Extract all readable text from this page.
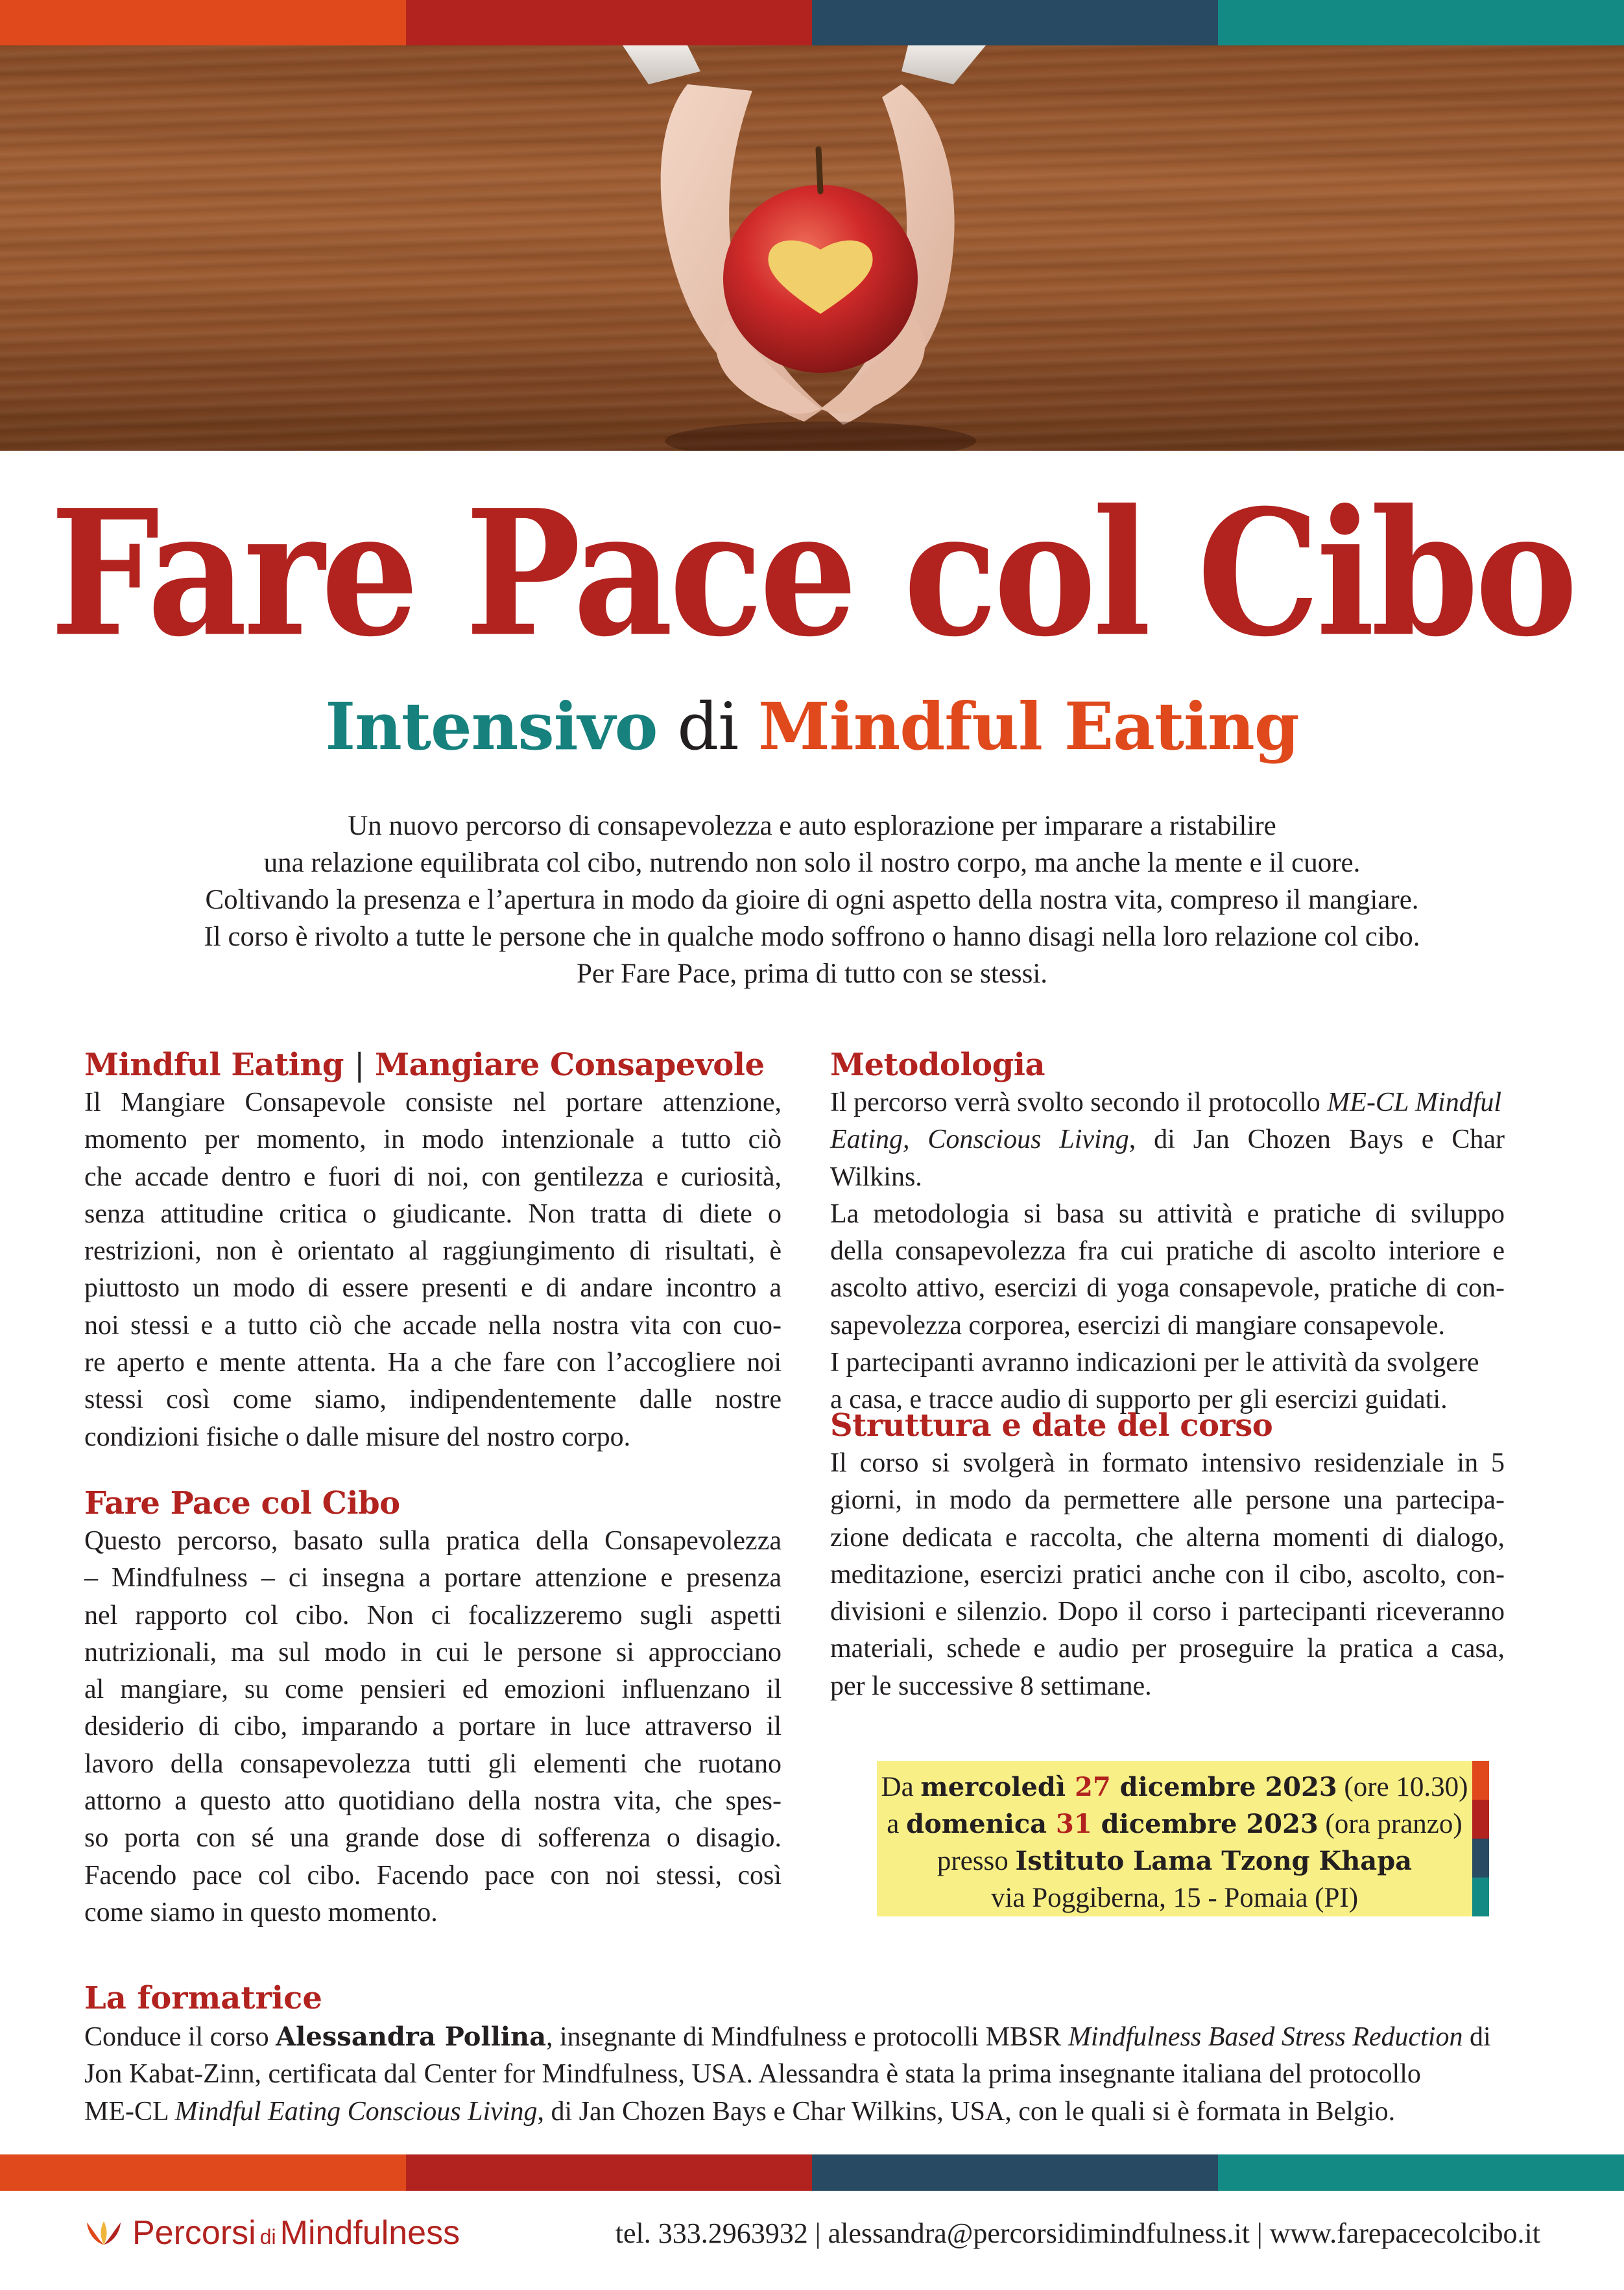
Fare Pace col Cibo
Intensivo di Mindful Eating

Un nuovo percorso di consapevolezza e auto esplorazione per imparare a ristabilire

una relazione equilibrata col cibo, nutrendo non solo il nostro corpo, ma anche la mente e il cuore.

Coltivando la presenza e l’apertura in modo da gioire di ogni aspetto della nostra vita, compreso il mangiare.

Il corso è rivolto a tutte le persone che in qualche modo soffrono o hanno disagi nella loro relazione col cibo.

Per Fare Pace, prima di tutto con se stessi.

Mindful Eating | Mangiare Consapevole

Il Mangiare Consapevole consiste nel portare attenzione,
momento per momento, in modo intenzionale a tutto ciò
che accade dentro e fuori di noi, con gentilezza e curiosità,
senza attitudine critica o giudicante. Non tratta di diete o
restrizioni, non è orientato al raggiungimento di risultati, è
piuttosto un modo di essere presenti e di andare incontro a
noi stessi e a tutto ciò che accade nella nostra vita con cuo-
re aperto e mente attenta. Ha a che fare con l’accogliere noi
stessi così come siamo, indipendentemente dalle nostre
condizioni fisiche o dalle misure del nostro corpo.

Fare Pace col Cibo

Questo percorso, basato sulla pratica della Consapevolezza
– Mindfulness – ci insegna a portare attenzione e presenza
nel rapporto col cibo. Non ci focalizzeremo sugli aspetti
nutrizionali, ma sul modo in cui le persone si approcciano
al mangiare, su come pensieri ed emozioni influenzano il
desiderio di cibo, imparando a portare in luce attraverso il
lavoro della consapevolezza tutti gli elementi che ruotano
attorno a questo atto quotidiano della nostra vita, che spes-
so porta con sé una grande dose di sofferenza o disagio.
Facendo pace col cibo. Facendo pace con noi stessi, così
come siamo in questo momento.

Metodologia

Il percorso verrà svolto secondo il protocollo ME-CL Mindful
Eating, Conscious Living, di Jan Chozen Bays e Char Wilkins.
La metodologia si basa su attività e pratiche di sviluppo
della consapevolezza fra cui pratiche di ascolto interiore e
ascolto attivo, esercizi di yoga consapevole, pratiche di con-
sapevolezza corporea, esercizi di mangiare consapevole.
I partecipanti avranno indicazioni per le attività da svolgere
a casa, e tracce audio di supporto per gli esercizi guidati.

Struttura e date del corso

Il corso si svolgerà in formato intensivo residenziale in 5
giorni, in modo da permettere alle persone una partecipa-
zione dedicata e raccolta, che alterna momenti di dialogo,
meditazione, esercizi pratici anche con il cibo, ascolto, con-
divisioni e silenzio. Dopo il corso i partecipanti riceveranno
materiali, schede e audio per proseguire la pratica a casa,
per le successive 8 settimane.

Da mercoledì 27 dicembre 2023 (ore 10.30)
a domenica 31 dicembre 2023 (ora pranzo)
presso Istituto Lama Tzong Khapa
via Poggiberna, 15 - Pomaia (PI)
La formatrice

Conduce il corso Alessandra Pollina, insegnante di Mindfulness e protocolli MBSR Mindfulness Based Stress Reduction di

Jon Kabat-Zinn, certificata dal Center for Mindfulness, USA. Alessandra è stata la prima insegnante italiana del protocollo

ME-CL Mindful Eating Conscious Living, di Jan Chozen Bays e Char Wilkins, USA, con le quali si è formata in Belgio.

Percorsi di Mindfulness	tel. 333.2963932 | alessandra@percorsidimindfulness.it | www.farepacecolcibo.it
